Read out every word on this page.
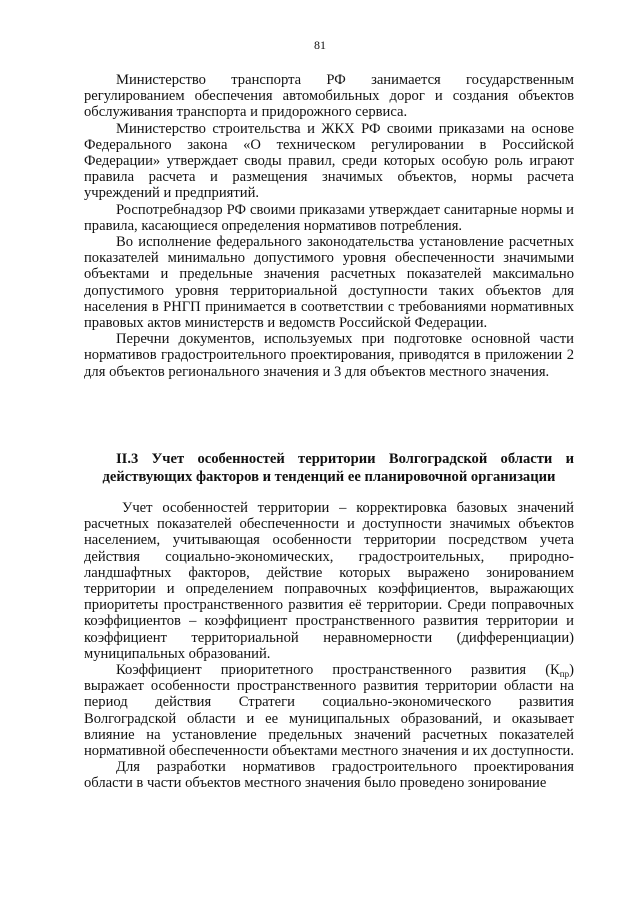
81

Министерство транспорта РФ занимается государственным регулированием обеспечения автомобильных дорог и создания объектов обслуживания транспорта и придорожного сервиса.

Министерство строительства и ЖКХ РФ своими приказами на основе Федерального закона «О техническом регулировании в Российской Федерации» утверждает своды правил, среди которых особую роль играют правила расчета и размещения значимых объектов, нормы расчета учреждений и предприятий.

Роспотребнадзор РФ своими приказами утверждает санитарные нормы и правила, касающиеся определения нормативов потребления.

Во исполнение федерального законодательства установление расчетных показателей минимально допустимого уровня обеспеченности значимыми объектами и предельные значения расчетных показателей максимально допустимого уровня территориальной доступности таких объектов для населения в РНГП принимается в соответствии с требованиями нормативных правовых актов министерств и ведомств Российской Федерации.

Перечни документов, используемых при подготовке основной части нормативов градостроительного проектирования, приводятся в приложении 2 для объектов регионального значения и 3 для объектов местного значения.

II.3 Учет особенностей территории Волгоградской области и действующих факторов и тенденций ее планировочной организации

Учет особенностей территории – корректировка базовых значений расчетных показателей обеспеченности и доступности значимых объектов населением, учитывающая особенности территории посредством учета действия социально-экономических, градостроительных, природно-ландшафтных факторов, действие которых выражено зонированием территории и определением поправочных коэффициентов, выражающих приоритеты пространственного развития её территории. Среди поправочных коэффициентов – коэффициент пространственного развития территории и коэффициент территориальной неравномерности (дифференциации) муниципальных образований.

Коэффициент приоритетного пространственного развития $(К_{пр})$ выражает особенности пространственного развития территории области на период действия Стратеги социально-экономического развития Волгоградской области и ее муниципальных образований, и оказывает влияние на установление предельных значений расчетных показателей нормативной обеспеченности объектами местного значения и их доступности.

Для разработки нормативов градостроительного проектирования области в части объектов местного значения было проведено зонирование
